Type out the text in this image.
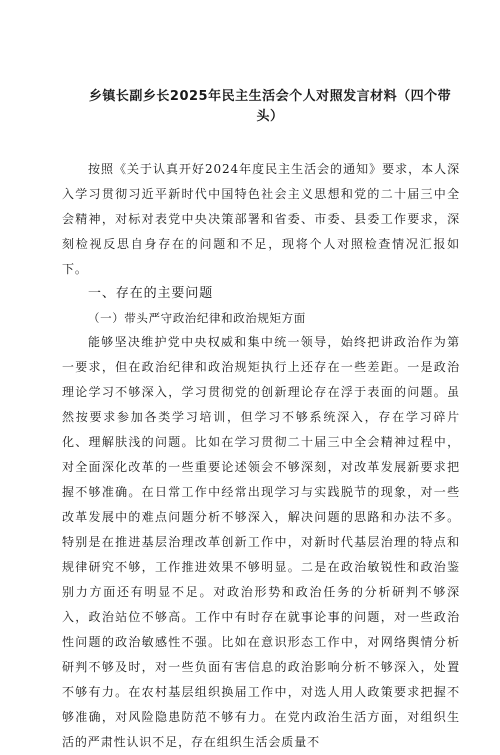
乡镇长副乡长2025年民主生活会个人对照发言材料（四个带头）

按照《关于认真开好2024年度民主生活会的通知》要求，本人深入学习贯彻习近平新时代中国特色社会主义思想和党的二十届三中全会精神，对标对表党中央决策部署和省委、市委、县委工作要求，深刻检视反思自身存在的问题和不足，现将个人对照检查情况汇报如下。

一、存在的主要问题

（一）带头严守政治纪律和政治规矩方面

能够坚决维护党中央权威和集中统一领导，始终把讲政治作为第一要求，但在政治纪律和政治规矩执行上还存在一些差距。一是政治理论学习不够深入，学习贯彻党的创新理论存在浮于表面的问题。虽然按要求参加各类学习培训，但学习不够系统深入，存在学习碎片化、理解肤浅的问题。比如在学习贯彻二十届三中全会精神过程中，对全面深化改革的一些重要论述领会不够深刻，对改革发展新要求把握不够准确。在日常工作中经常出现学习与实践脱节的现象，对一些改革发展中的难点问题分析不够深入，解决问题的思路和办法不多。特别是在推进基层治理改革创新工作中，对新时代基层治理的特点和规律研究不够，工作推进效果不够明显。二是在政治敏锐性和政治鉴别力方面还有明显不足。对政治形势和政治任务的分析研判不够深入，政治站位不够高。工作中有时存在就事论事的问题，对一些政治性问题的政治敏感性不强。比如在意识形态工作中，对网络舆情分析研判不够及时，对一些负面有害信息的政治影响分析不够深入，处置不够有力。在农村基层组织换届工作中，对选人用人政策要求把握不够准确，对风险隐患防范不够有力。在党内政治生活方面，对组织生活的严肃性认识不足，存在组织生活会质量不
